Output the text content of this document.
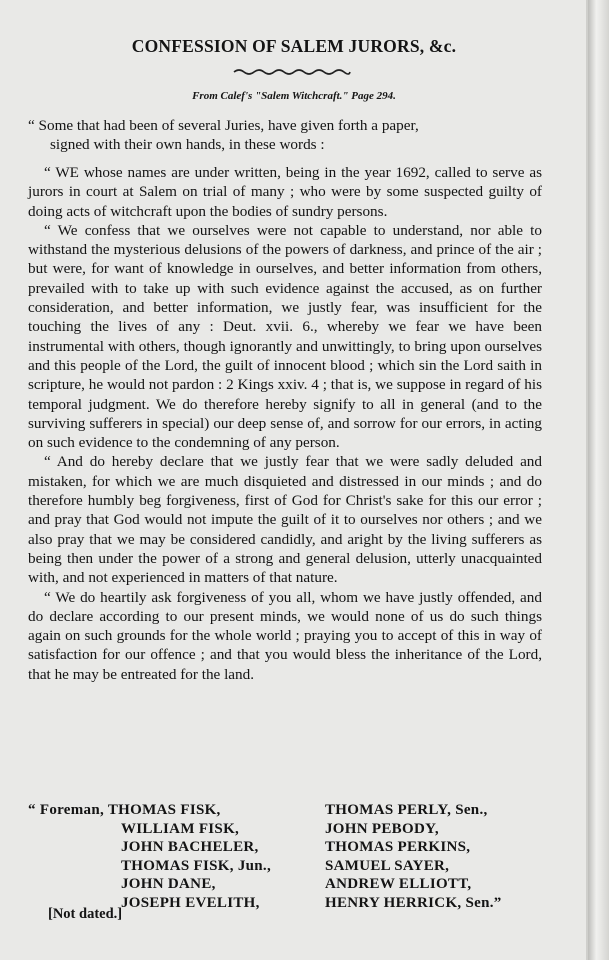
CONFESSION OF SALEM JURORS, &c.
From Calef's "Salem Witchcraft." Page 294.
“ Some that had been of several Juries, have given forth a paper,
signed with their own hands, in these words :

“ WE whose names are under written, being in the year 1692, called to serve as jurors in court at Salem on trial of many ; who were by some suspected guilty of doing acts of witchcraft upon the bodies of sundry persons.

“ We confess that we ourselves were not capable to understand, nor able to withstand the mysterious delusions of the powers of darkness, and prince of the air ; but were, for want of knowledge in ourselves, and better information from others, prevailed with to take up with such evidence against the accused, as on further consideration, and better information, we justly fear, was insufficient for the touching the lives of any : Deut. xvii. 6., whereby we fear we have been instrumental with others, though ignorantly and unwittingly, to bring upon ourselves and this people of the Lord, the guilt of innocent blood ; which sin the Lord saith in scripture, he would not pardon : 2 Kings xxiv. 4 ; that is, we suppose in regard of his temporal judgment. We do therefore hereby signify to all in general (and to the surviving sufferers in special) our deep sense of, and sorrow for our errors, in acting on such evidence to the condemning of any person.

“ And do hereby declare that we justly fear that we were sadly deluded and mistaken, for which we are much disquieted and distressed in our minds ; and do therefore humbly beg forgiveness, first of God for Christ's sake for this our error ; and pray that God would not impute the guilt of it to ourselves nor others ; and we also pray that we may be considered candidly, and aright by the living sufferers as being then under the power of a strong and general delusion, utterly unacquainted with, and not experienced in matters of that nature.

“ We do heartily ask forgiveness of you all, whom we have justly offended, and do declare according to our present minds, we would none of us do such things again on such grounds for the whole world ; praying you to accept of this in way of satisfaction for our offence ; and that you would bless the inheritance of the Lord, that he may be entreated for the land.

“ Foreman, THOMAS FISK,
WILLIAM FISK,
JOHN BACHELER,
THOMAS FISK, Jun.,
JOHN DANE,
JOSEPH EVELITH,
THOMAS PERLY, Sen.,
JOHN PEBODY,
THOMAS PERKINS,
SAMUEL SAYER,
ANDREW ELLIOTT,
HENRY HERRICK, Sen.”
[Not dated.]
